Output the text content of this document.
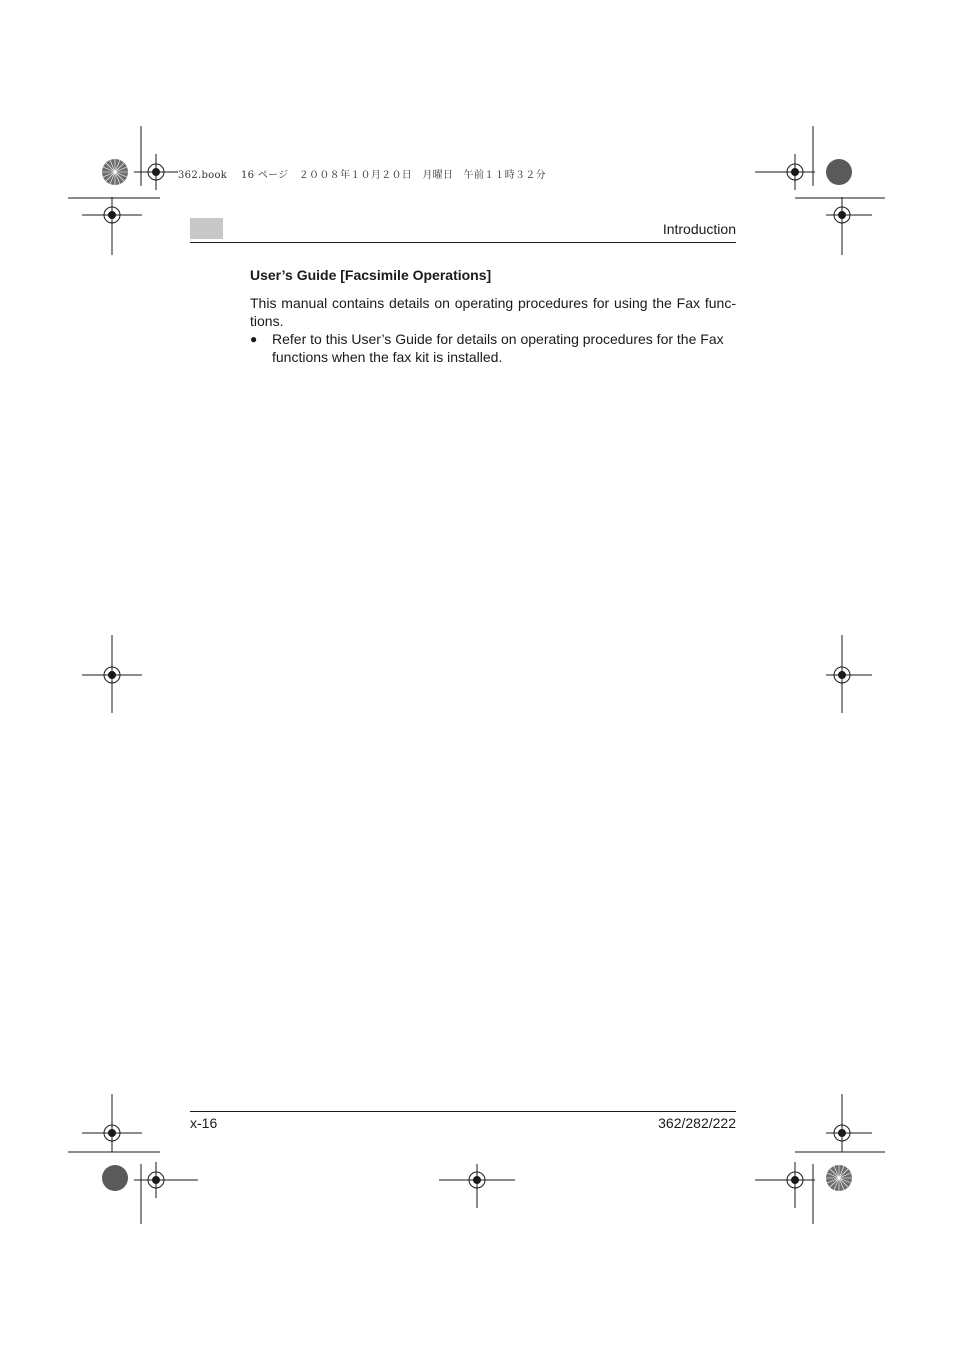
362.book　 16 ページ　２００８年１０月２０日　月曜日　午前１１時３２分
Introduction
User’s Guide [Facsimile Operations]

This manual contains details on operating procedures for using the Fax func- tions.

● Refer to this User’s Guide for details on operating procedures for the Fax functions when the fax kit is installed.

x-16	362/282/222
